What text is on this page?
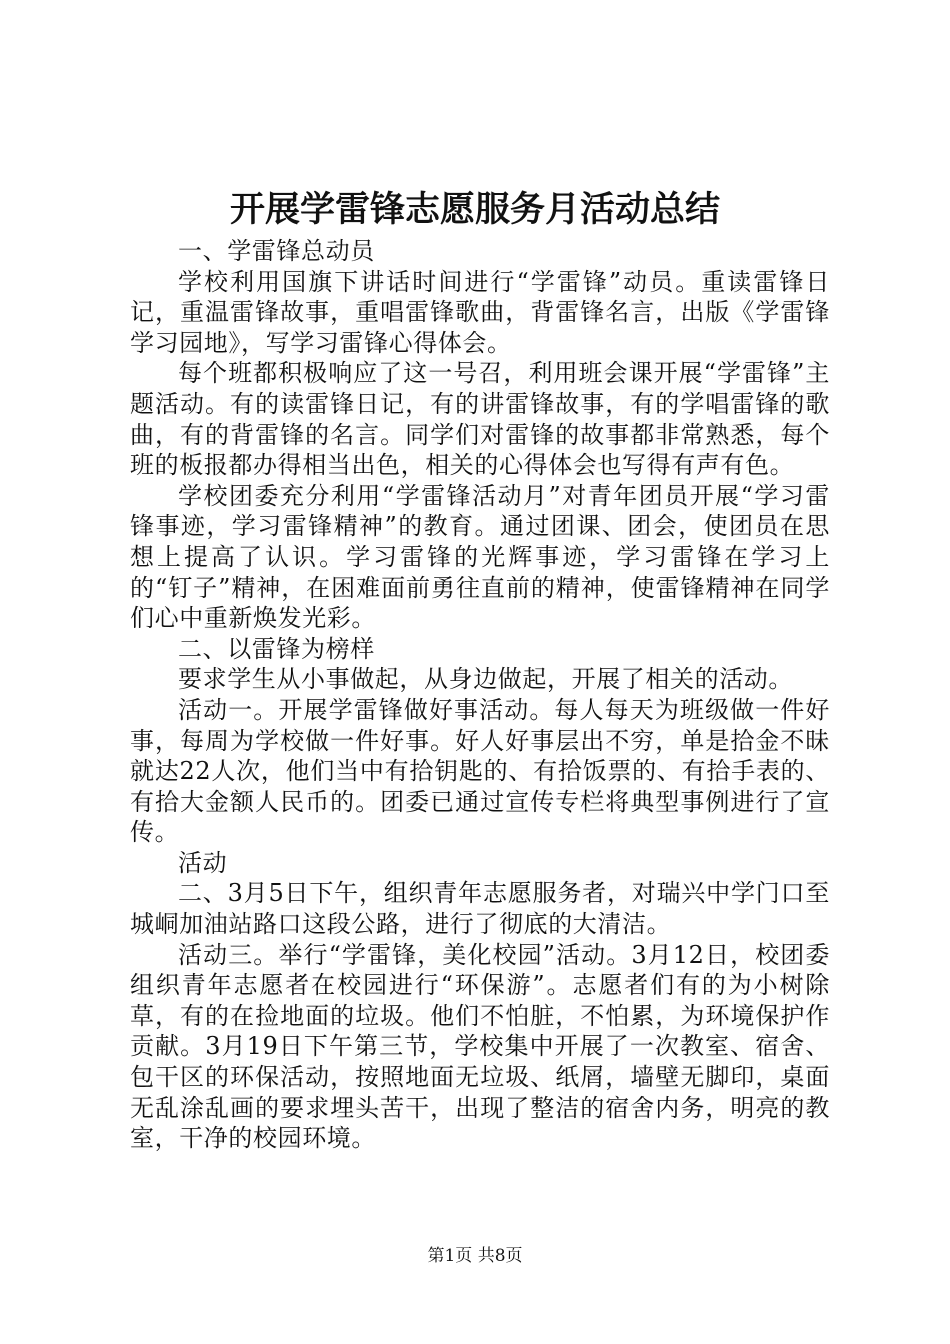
开展学雷锋志愿服务月活动总结

一、学雷锋总动员

学校利用国旗下讲话时间进行“学雷锋”动员。重读雷锋日记，重温雷锋故事，重唱雷锋歌曲，背雷锋名言，出版《学雷锋学习园地》，写学习雷锋心得体会。

每个班都积极响应了这一号召，利用班会课开展“学雷锋”主题活动。有的读雷锋日记，有的讲雷锋故事，有的学唱雷锋的歌曲，有的背雷锋的名言。同学们对雷锋的故事都非常熟悉，每个班的板报都办得相当出色，相关的心得体会也写得有声有色。

学校团委充分利用“学雷锋活动月”对青年团员开展“学习雷锋事迹，学习雷锋精神”的教育。通过团课、团会，使团员在思想上提高了认识。学习雷锋的光辉事迹，学习雷锋在学习上的“钉子”精神，在困难面前勇往直前的精神，使雷锋精神在同学们心中重新焕发光彩。

二、以雷锋为榜样

要求学生从小事做起，从身边做起，开展了相关的活动。

活动一。开展学雷锋做好事活动。每人每天为班级做一件好事，每周为学校做一件好事。好人好事层出不穷，单是拾金不昧就达22人次，他们当中有拾钥匙的、有拾饭票的、有拾手表的、有拾大金额人民币的。团委已通过宣传专栏将典型事例进行了宣传。

活动

二、3月5日下午，组织青年志愿服务者，对瑞兴中学门口至城峒加油站路口这段公路，进行了彻底的大清洁。

活动三。举行“学雷锋，美化校园”活动。3月12日，校团委组织青年志愿者在校园进行“环保游”。志愿者们有的为小树除草，有的在捡地面的垃圾。他们不怕脏，不怕累，为环境保护作贡献。3月19日下午第三节，学校集中开展了一次教室、宿舍、包干区的环保活动，按照地面无垃圾、纸屑，墙壁无脚印，桌面无乱涂乱画的要求埋头苦干，出现了整洁的宿舍内务，明亮的教室，干净的校园环境。

第1页 共8页
